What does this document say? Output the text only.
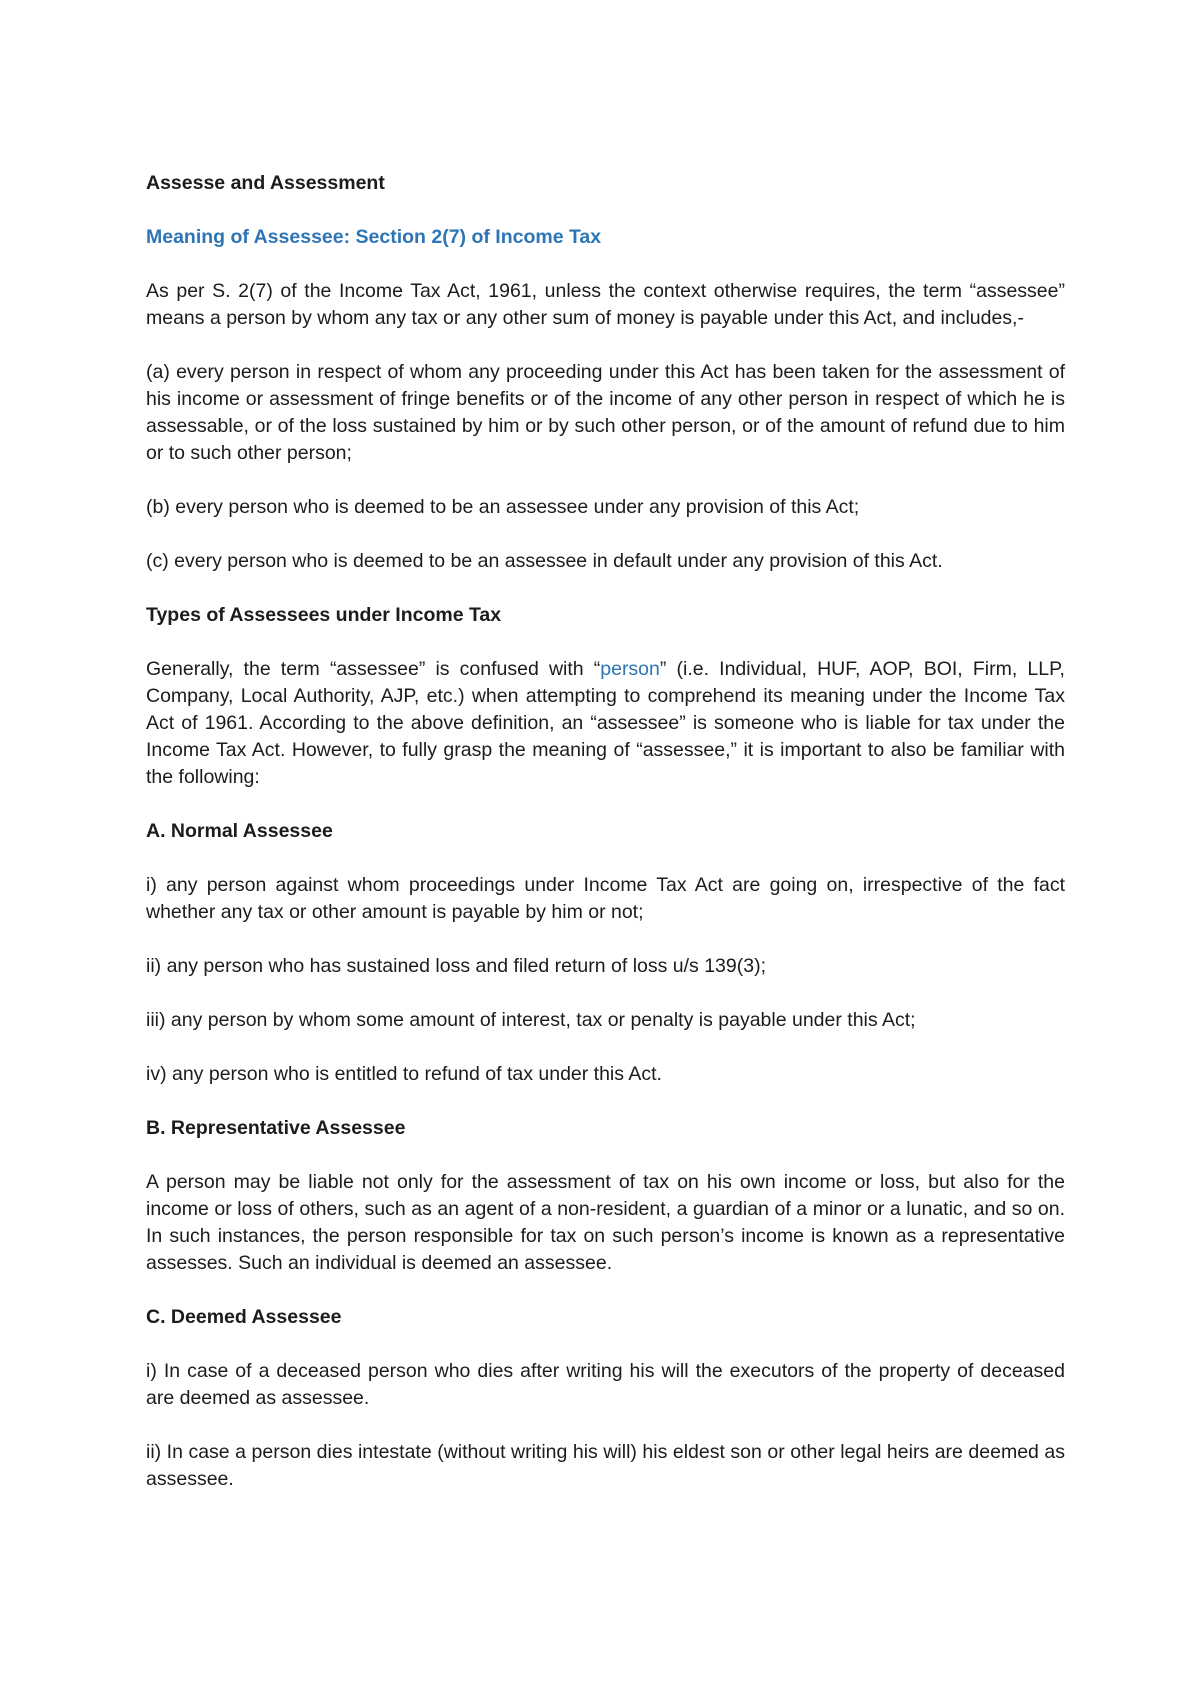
Assesse and Assessment
Meaning of Assessee: Section 2(7) of Income Tax

As per S. 2(7) of the Income Tax Act, 1961, unless the context otherwise requires, the term “assessee” means a person by whom any tax or any other sum of money is payable under this Act, and includes,-

(a) every person in respect of whom any proceeding under this Act has been taken for the assessment of his income or assessment of fringe benefits or of the income of any other person in respect of which he is assessable, or of the loss sustained by him or by such other person, or of the amount of refund due to him or to such other person;

(b) every person who is deemed to be an assessee under any provision of this Act;

(c) every person who is deemed to be an assessee in default under any provision of this Act.

Types of Assessees under Income Tax

Generally, the term “assessee” is confused with “person” (i.e. Individual, HUF, AOP, BOI, Firm, LLP, Company, Local Authority, AJP, etc.) when attempting to comprehend its meaning under the Income Tax Act of 1961. According to the above definition, an “assessee” is someone who is liable for tax under the Income Tax Act. However, to fully grasp the meaning of “assessee,” it is important to also be familiar with the following:

A. Normal Assessee

i) any person against whom proceedings under Income Tax Act are going on, irrespective of the fact whether any tax or other amount is payable by him or not;

ii) any person who has sustained loss and filed return of loss u/s 139(3);

iii) any person by whom some amount of interest, tax or penalty is payable under this Act;

iv) any person who is entitled to refund of tax under this Act.

B. Representative Assessee

A person may be liable not only for the assessment of tax on his own income or loss, but also for the income or loss of others, such as an agent of a non-resident, a guardian of a minor or a lunatic, and so on. In such instances, the person responsible for tax on such person’s income is known as a representative assesses. Such an individual is deemed an assessee.

C. Deemed Assessee

i) In case of a deceased person who dies after writing his will the executors of the property of deceased are deemed as assessee.

ii) In case a person dies intestate (without writing his will) his eldest son or other legal heirs are deemed as assessee.
